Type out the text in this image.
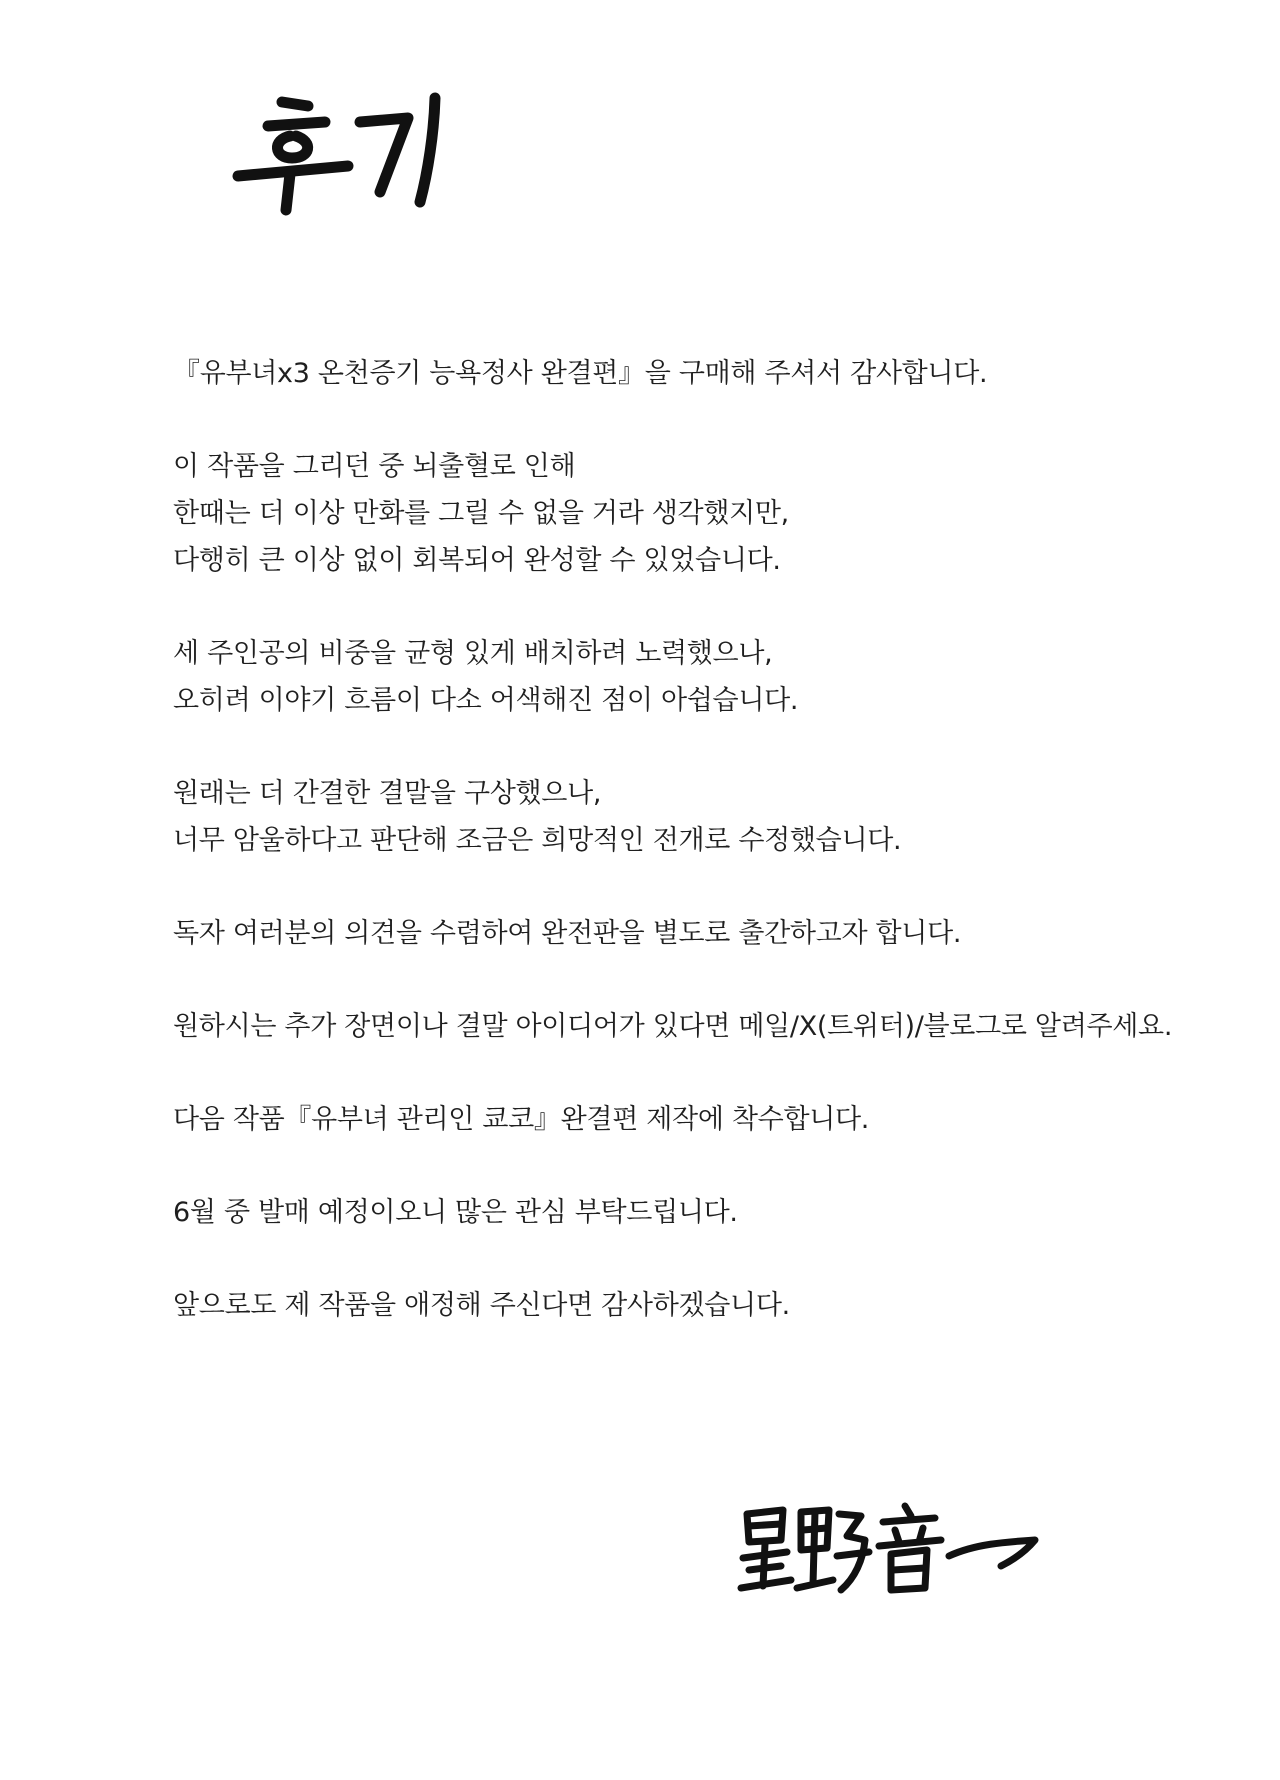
『유부녀x3 온천증기 능욕정사 완결편』을 구매해 주셔서 감사합니다.
이 작품을 그리던 중 뇌출혈로 인해
한때는 더 이상 만화를 그릴 수 없을 거라 생각했지만,
다행히 큰 이상 없이 회복되어 완성할 수 있었습니다.
세 주인공의 비중을 균형 있게 배치하려 노력했으나,
오히려 이야기 흐름이 다소 어색해진 점이 아쉽습니다.
원래는 더 간결한 결말을 구상했으나,
너무 암울하다고 판단해 조금은 희망적인 전개로 수정했습니다.
독자 여러분의 의견을 수렴하여 완전판을 별도로 출간하고자 합니다.
원하시는 추가 장면이나 결말 아이디어가 있다면 메일/X(트위터)/블로그로 알려주세요.
다음 작품『유부녀 관리인 쿄코』완결편 제작에 착수합니다.
6월 중 발매 예정이오니 많은 관심 부탁드립니다.
앞으로도 제 작품을 애정해 주신다면 감사하겠습니다.
